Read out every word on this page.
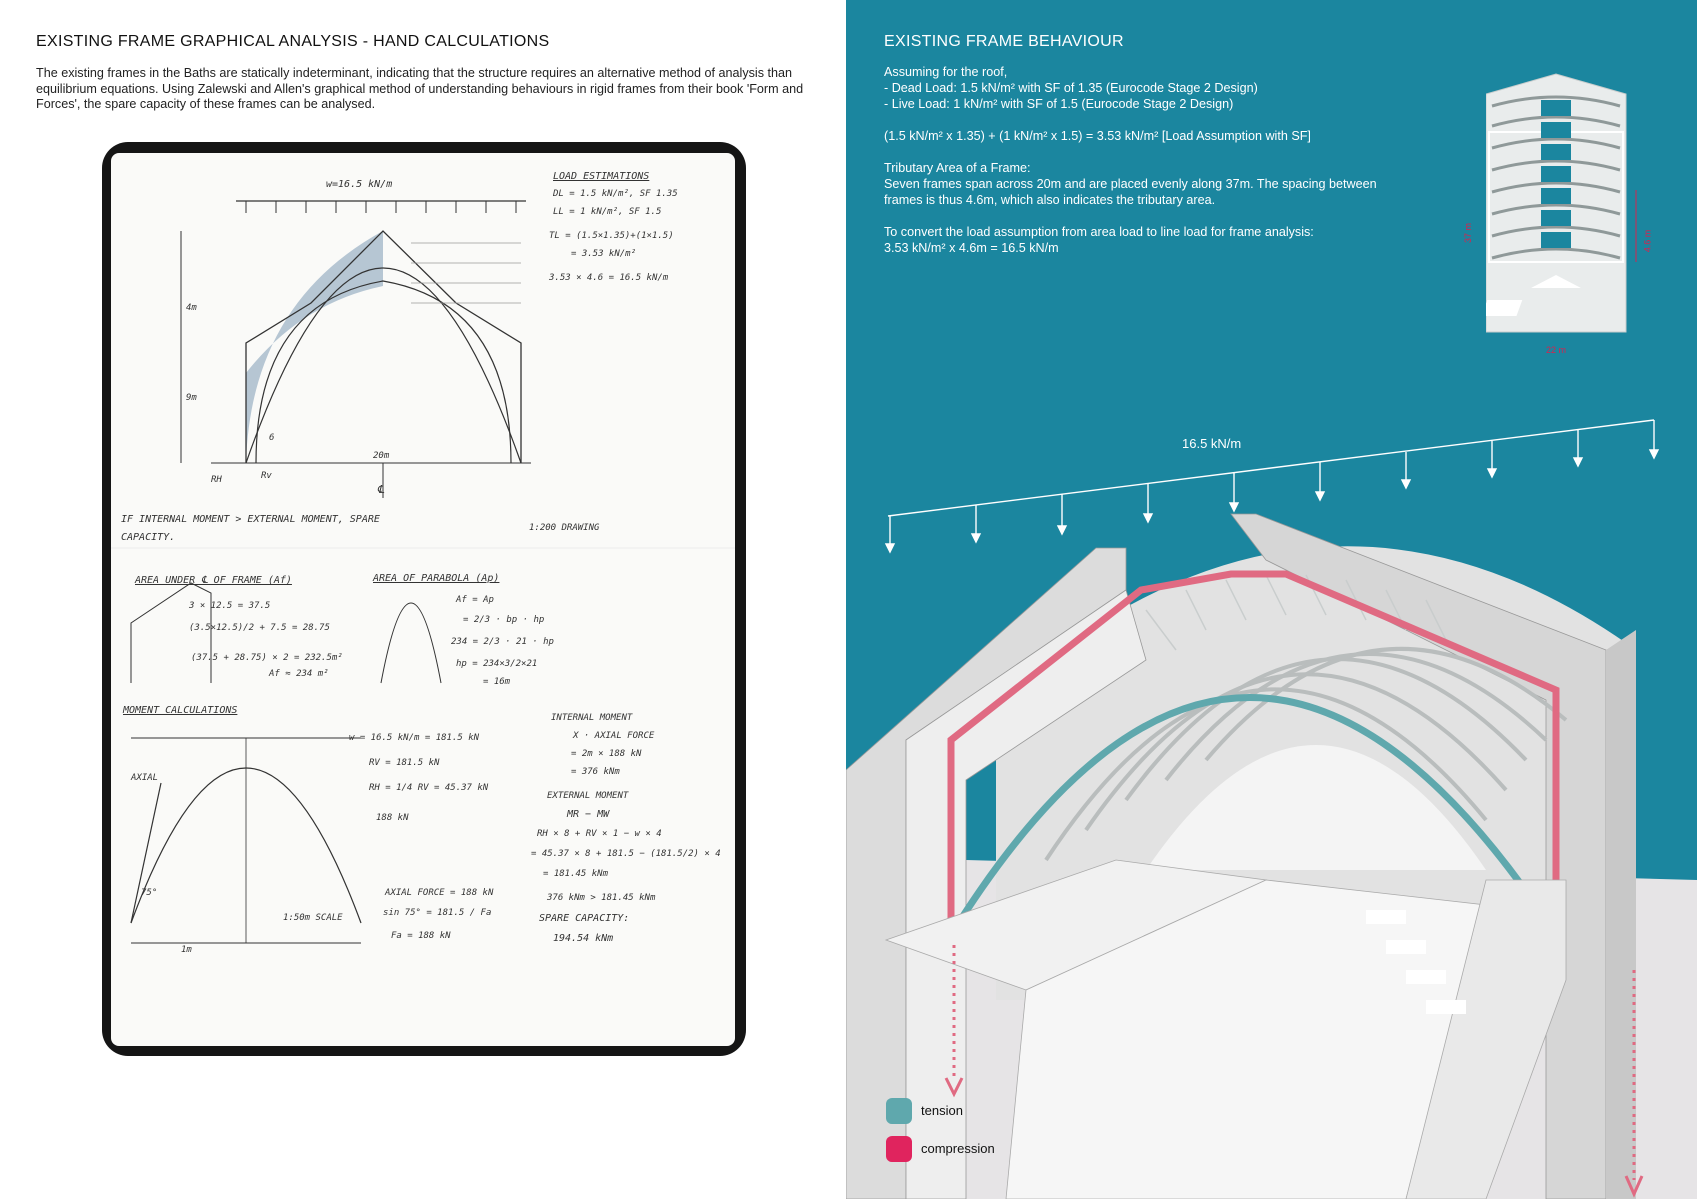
EXISTING FRAME GRAPHICAL ANALYSIS - HAND CALCULATIONS

The existing frames in the Baths are statically indeterminant, indicating that the structure requires an alternative method of analysis than equilibrium equations. Using Zalewski and Allen's graphical method of understanding behaviours in rigid frames from their book 'Form and Forces', the spare capacity of these frames can be analysed.

w=16.5 kN/m
LOAD ESTIMATIONS
DL = 1.5 kN/m², SF 1.35
LL = 1 kN/m², SF 1.5
TL = (1.5×1.35)+(1×1.5)
= 3.53 kN/m²
3.53 × 4.6 = 16.5 kN/m
4m
9m
20m
Rv
RH
6
℄
IF INTERNAL MOMENT > EXTERNAL MOMENT, SPARE CAPACITY.
1:200 DRAWING
AREA UNDER ℄ OF FRAME (Af)
3 × 12.5 = 37.5
(3.5×12.5)/2 + 7.5 = 28.75
(37.5 + 28.75) × 2 = 232.5m²
Af ≈ 234 m²
AREA OF PARABOLA (Ap)
Af = Ap
= 2/3 · bp · hp
234 = 2/3 · 21 · hp
hp = 234×3/2×21
= 16m
MOMENT CALCULATIONS
w = 16.5 kN/m = 181.5 kN
RV = 181.5 kN
RH = 1/4 RV = 45.37 kN
AXIAL FORCE = 188 kN
sin 75° = 181.5 / Fa
Fa = 188 kN
INTERNAL MOMENT
X · AXIAL FORCE
= 2m × 188 kN
= 376 kNm
EXTERNAL MOMENT
MR − MW
RH × 8 + RV × 1 − w × 4
= 45.37 × 8 + 181.5 − (181.5/2) × 4
= 181.45 kNm
376 kNm > 181.45 kNm
SPARE CAPACITY:
194.54 kNm
AXIAL
1m
1:50m SCALE
188 kN
75°
EXISTING FRAME BEHAVIOUR
Assuming for the roof,
- Dead Load: 1.5 kN/m² with SF of 1.35 (Eurocode Stage 2 Design)
- Live Load: 1 kN/m² with SF of 1.5 (Eurocode Stage 2 Design)
(1.5 kN/m² x 1.35) + (1 kN/m² x 1.5) = 3.53 kN/m² [Load Assumption with SF]
Tributary Area of a Frame:
Seven frames span across 20m and are placed evenly along 37m. The spacing between
frames is thus 4.6m, which also indicates the tributary area.
To convert the load assumption from area load to line load for frame analysis:
3.53 kN/m² x 4.6m = 16.5 kN/m
37 m	4.6 m
22 m
16.5 kN/m
tension
compression
